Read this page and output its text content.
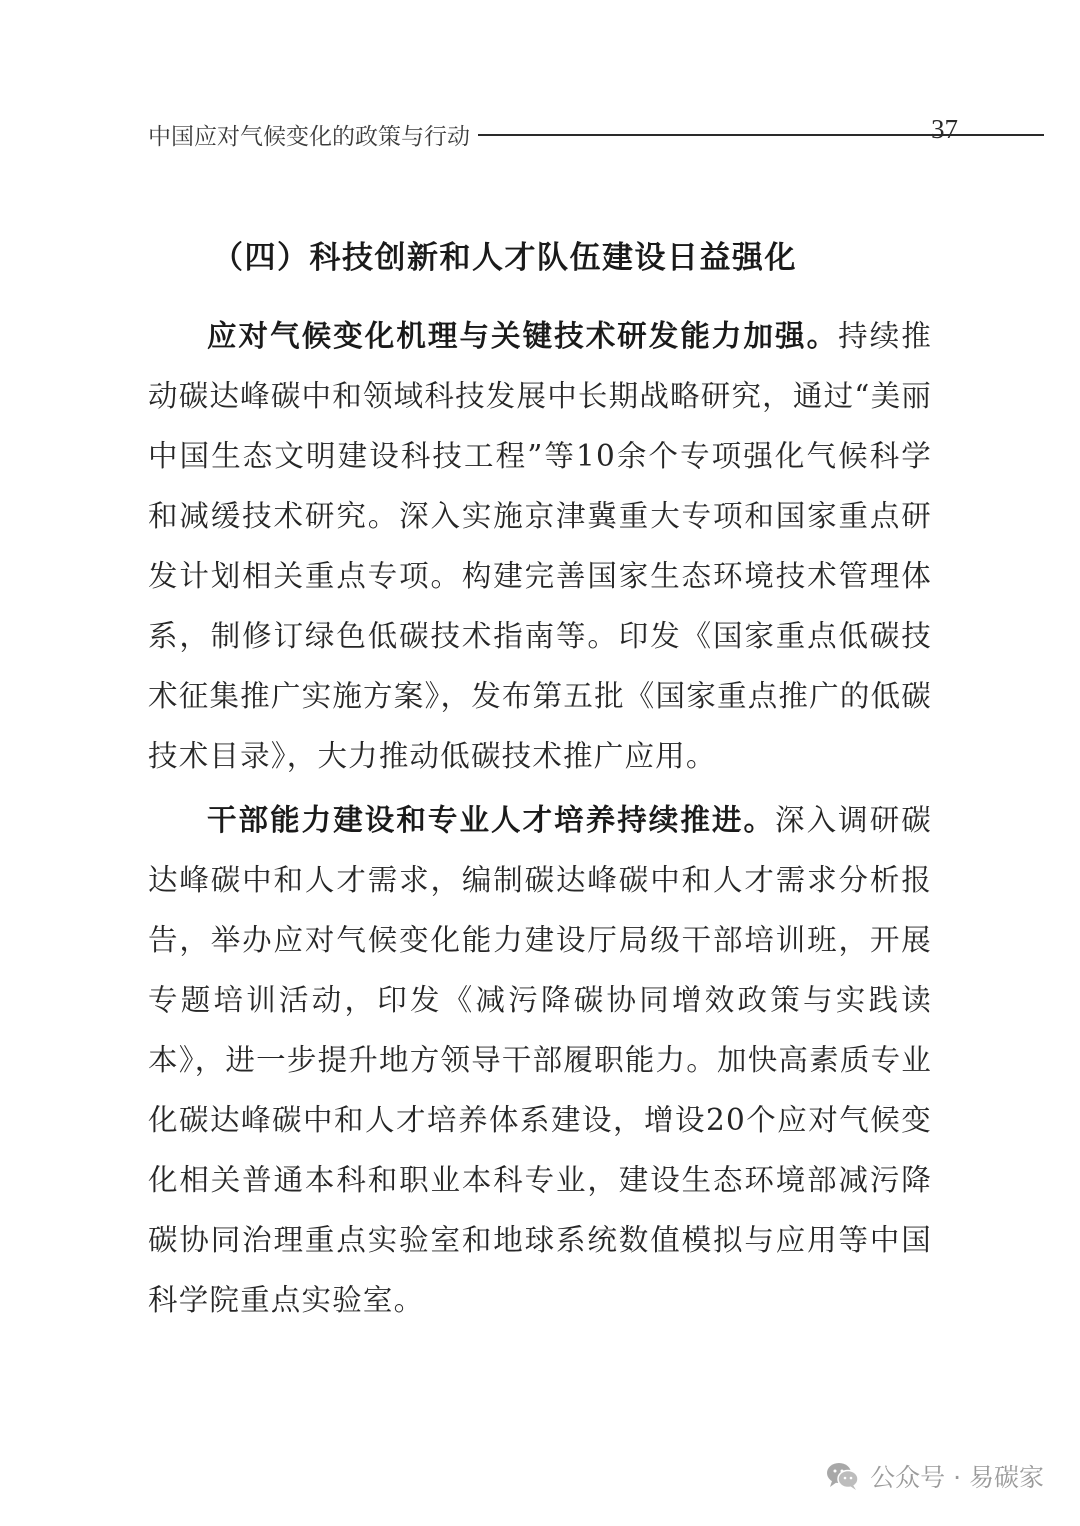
中国应对气候变化的政策与行动	37
（四）科技创新和人才队伍建设日益强化

应对气候变化机理与关键技术研发能力加强。持续推动碳达峰碳中和领域科技发展中长期战略研究，通过“美丽中国生态文明建设科技工程”等10余个专项强化气候科学和减缓技术研究。深入实施京津冀重大专项和国家重点研发计划相关重点专项。构建完善国家生态环境技术管理体系，制修订绿色低碳技术指南等。印发《国家重点低碳技术征集推广实施方案》，发布第五批《国家重点推广的低碳技术目录》，大力推动低碳技术推广应用。

干部能力建设和专业人才培养持续推进。深入调研碳达峰碳中和人才需求，编制碳达峰碳中和人才需求分析报告，举办应对气候变化能力建设厅局级干部培训班，开展专题培训活动，印发《减污降碳协同增效政策与实践读本》，进一步提升地方领导干部履职能力。加快高素质专业化碳达峰碳中和人才培养体系建设，增设20个应对气候变化相关普通本科和职业本科专业，建设生态环境部减污降碳协同治理重点实验室和地球系统数值模拟与应用等中国科学院重点实验室。

公众号 · 易碳家
